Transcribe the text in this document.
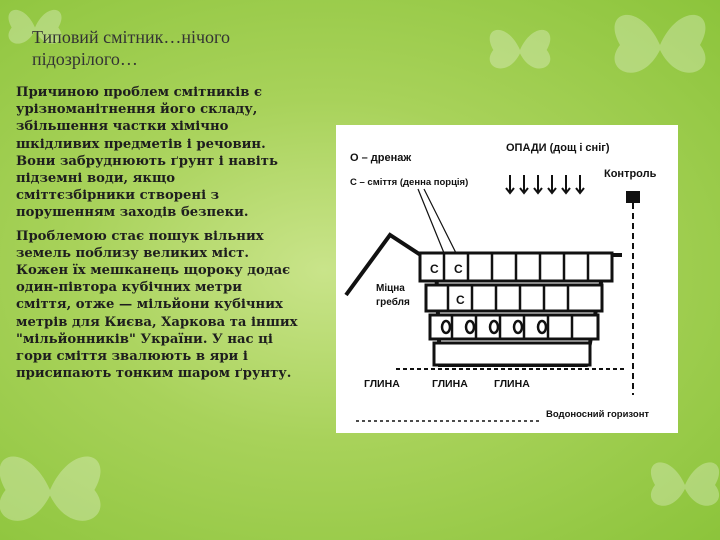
Типовий смітник…нічого підозрілого…

Причиною проблем смітників є урізноманітнення його складу, збільшення частки хімічно шкідливих предметів і речовин. Вони забруднюють ґрунт і навіть підземні води, якщо сміттєзбірники створені з порушенням заходів безпеки.

Проблемою стає пошук вільних земель поблизу великих міст. Кожен їх мешканець щороку додає один-півтора кубічних метри сміття, отже — мільйони кубічних метрів для Києва, Харкова та інших "мільйонників" України. У нас ці гори сміття звалюють в яри і присипають тонким шаром ґрунту.

О – дренаж
С – сміття (денна порція)
ОПАДИ (дощ і сніг)
Контроль
Міцна
гребля
С С
С
ГЛИНА	ГЛИНА ГЛИНА
Водоносний горизонт
